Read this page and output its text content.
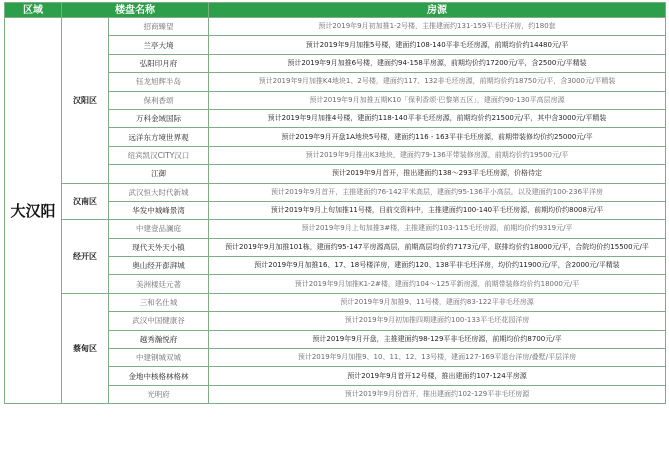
区域	楼盘名称		房源
大汉阳	汉阳区	招商臻望	预计2019年9月初加推1-2号楼，主推建面约131-159平毛坯洋房，约180套
		兰亭大境	预计2019年9月加推5号楼，建面约108-140平非毛坯房源，前期均价约14480元/平
		弘阳印月府	预计2019年9月加推6号楼，建面约94-158平房源，前期均价约17200元/平，含2500元/平精装
		钰龙旭辉半岛	预计2019年9月加推K4地块1、2号楼，建面约117、132非毛坯房源，前期均价约18750元/平，含3000元/平精装
		保利香颂	预计2019年9月加推五期K10「保利香颂·巴黎第五区」，建面约90-130平高层房源
		万科金域国际	预计2019年9月加推4号楼，建面约118-140平非毛坯房源，前期均价约21500元/平，其中含3000元/平精装
		远洋东方境世界观	预计2019年9月开盘1A地块5号楼，建面约116 - 163平非毛坯房源，前期带装修均价约25000元/平
		纽宾凯汉CITY汉口	预计2019年9月推出K3地块，建面约79-136平带装修房源，前期均价约19500元/平
		江御	预计2019年9月首开，推出建面约138～293平毛坯房源，价格待定
	汉南区	武汉恒大时代新城	预计2019年9月首开，主推建面约76-142平米高层，建面约95-136平小高层，以及建面约100-236平洋房
		华发中城峰景湾	预计2019年9月上旬加推11号楼，目前交资料中，主推建面约100-140平毛坯房源，前期均价约8008元/平
	经开区	中建壹品澜庭	预计2019年9月上旬加推3#楼，主推建面约103-115毛坯房源，前期均价约9319元/平
		现代天外天小镇	预计2019年9月加推101栋，建面约95-147平房源高层，前期高层均价约7173元/平，联排均价约18000元/平，合院均价约15500元/平
		奥山经开澎湃城	预计2019年9月加推16、17、18号楼洋房，建面约120、138平非毛坯洋房，均价约11900元/平，含2000元/平精装
		美洲楼廷元著	预计2019年9月加推K1-2#楼，建面约104～125平新房源，前期带装修均价约18000元/平
	蔡甸区	三和名仕城	预计2019年9月加推9、11号楼，建面约83-122平非毛坯房源
		武汉中国健康谷	预计2019年9月初加推四期建面约100-133平毛坯花园洋房
		越秀瀚悦府	预计2019年9月开盘，主推建面约98-129平非毛坯房源，前期均价约8700元/平
		中建钢城双城	预计2019年9月加推9、10、11、12、13号楼，建面127-169平退台洋房/叠墅/平层洋房
		金地中核格林格林	预计2019年9月首开12号楼，推出建面约107-124平房源
		光明府	预计2019年9月份首开，推出建面约102-129平非毛坯房源
